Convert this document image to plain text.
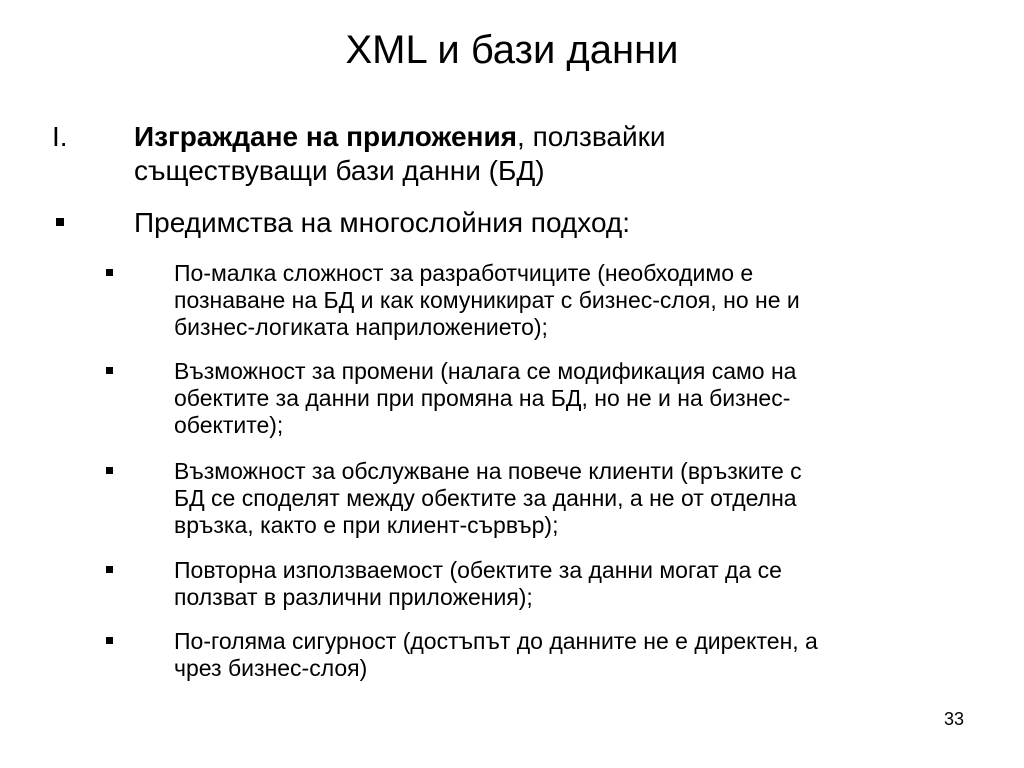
XML и бази данни
I. Изграждане на приложения, ползвайки
съществуващи бази данни (БД)
Предимства на многослойния подход:
По-малка сложност за разработчиците (необходимо е
познаване на БД и как комуникират с бизнес-слоя, но не и
бизнес-логиката наприложението);
Възможност за промени (налага се модификация само на
обектите за данни при промяна на БД, но не и на бизнес-
обектите);
Възможност за обслужване на повече клиенти (връзките с
БД се споделят между обектите за данни, а не от отделна
връзка, както е при клиент-сървър);
Повторна използваемост (обектите за данни могат да се
ползват в различни приложения);
По-голяма сигурност (достъпът до данните не е директен, а
чрез бизнес-слоя)
33
